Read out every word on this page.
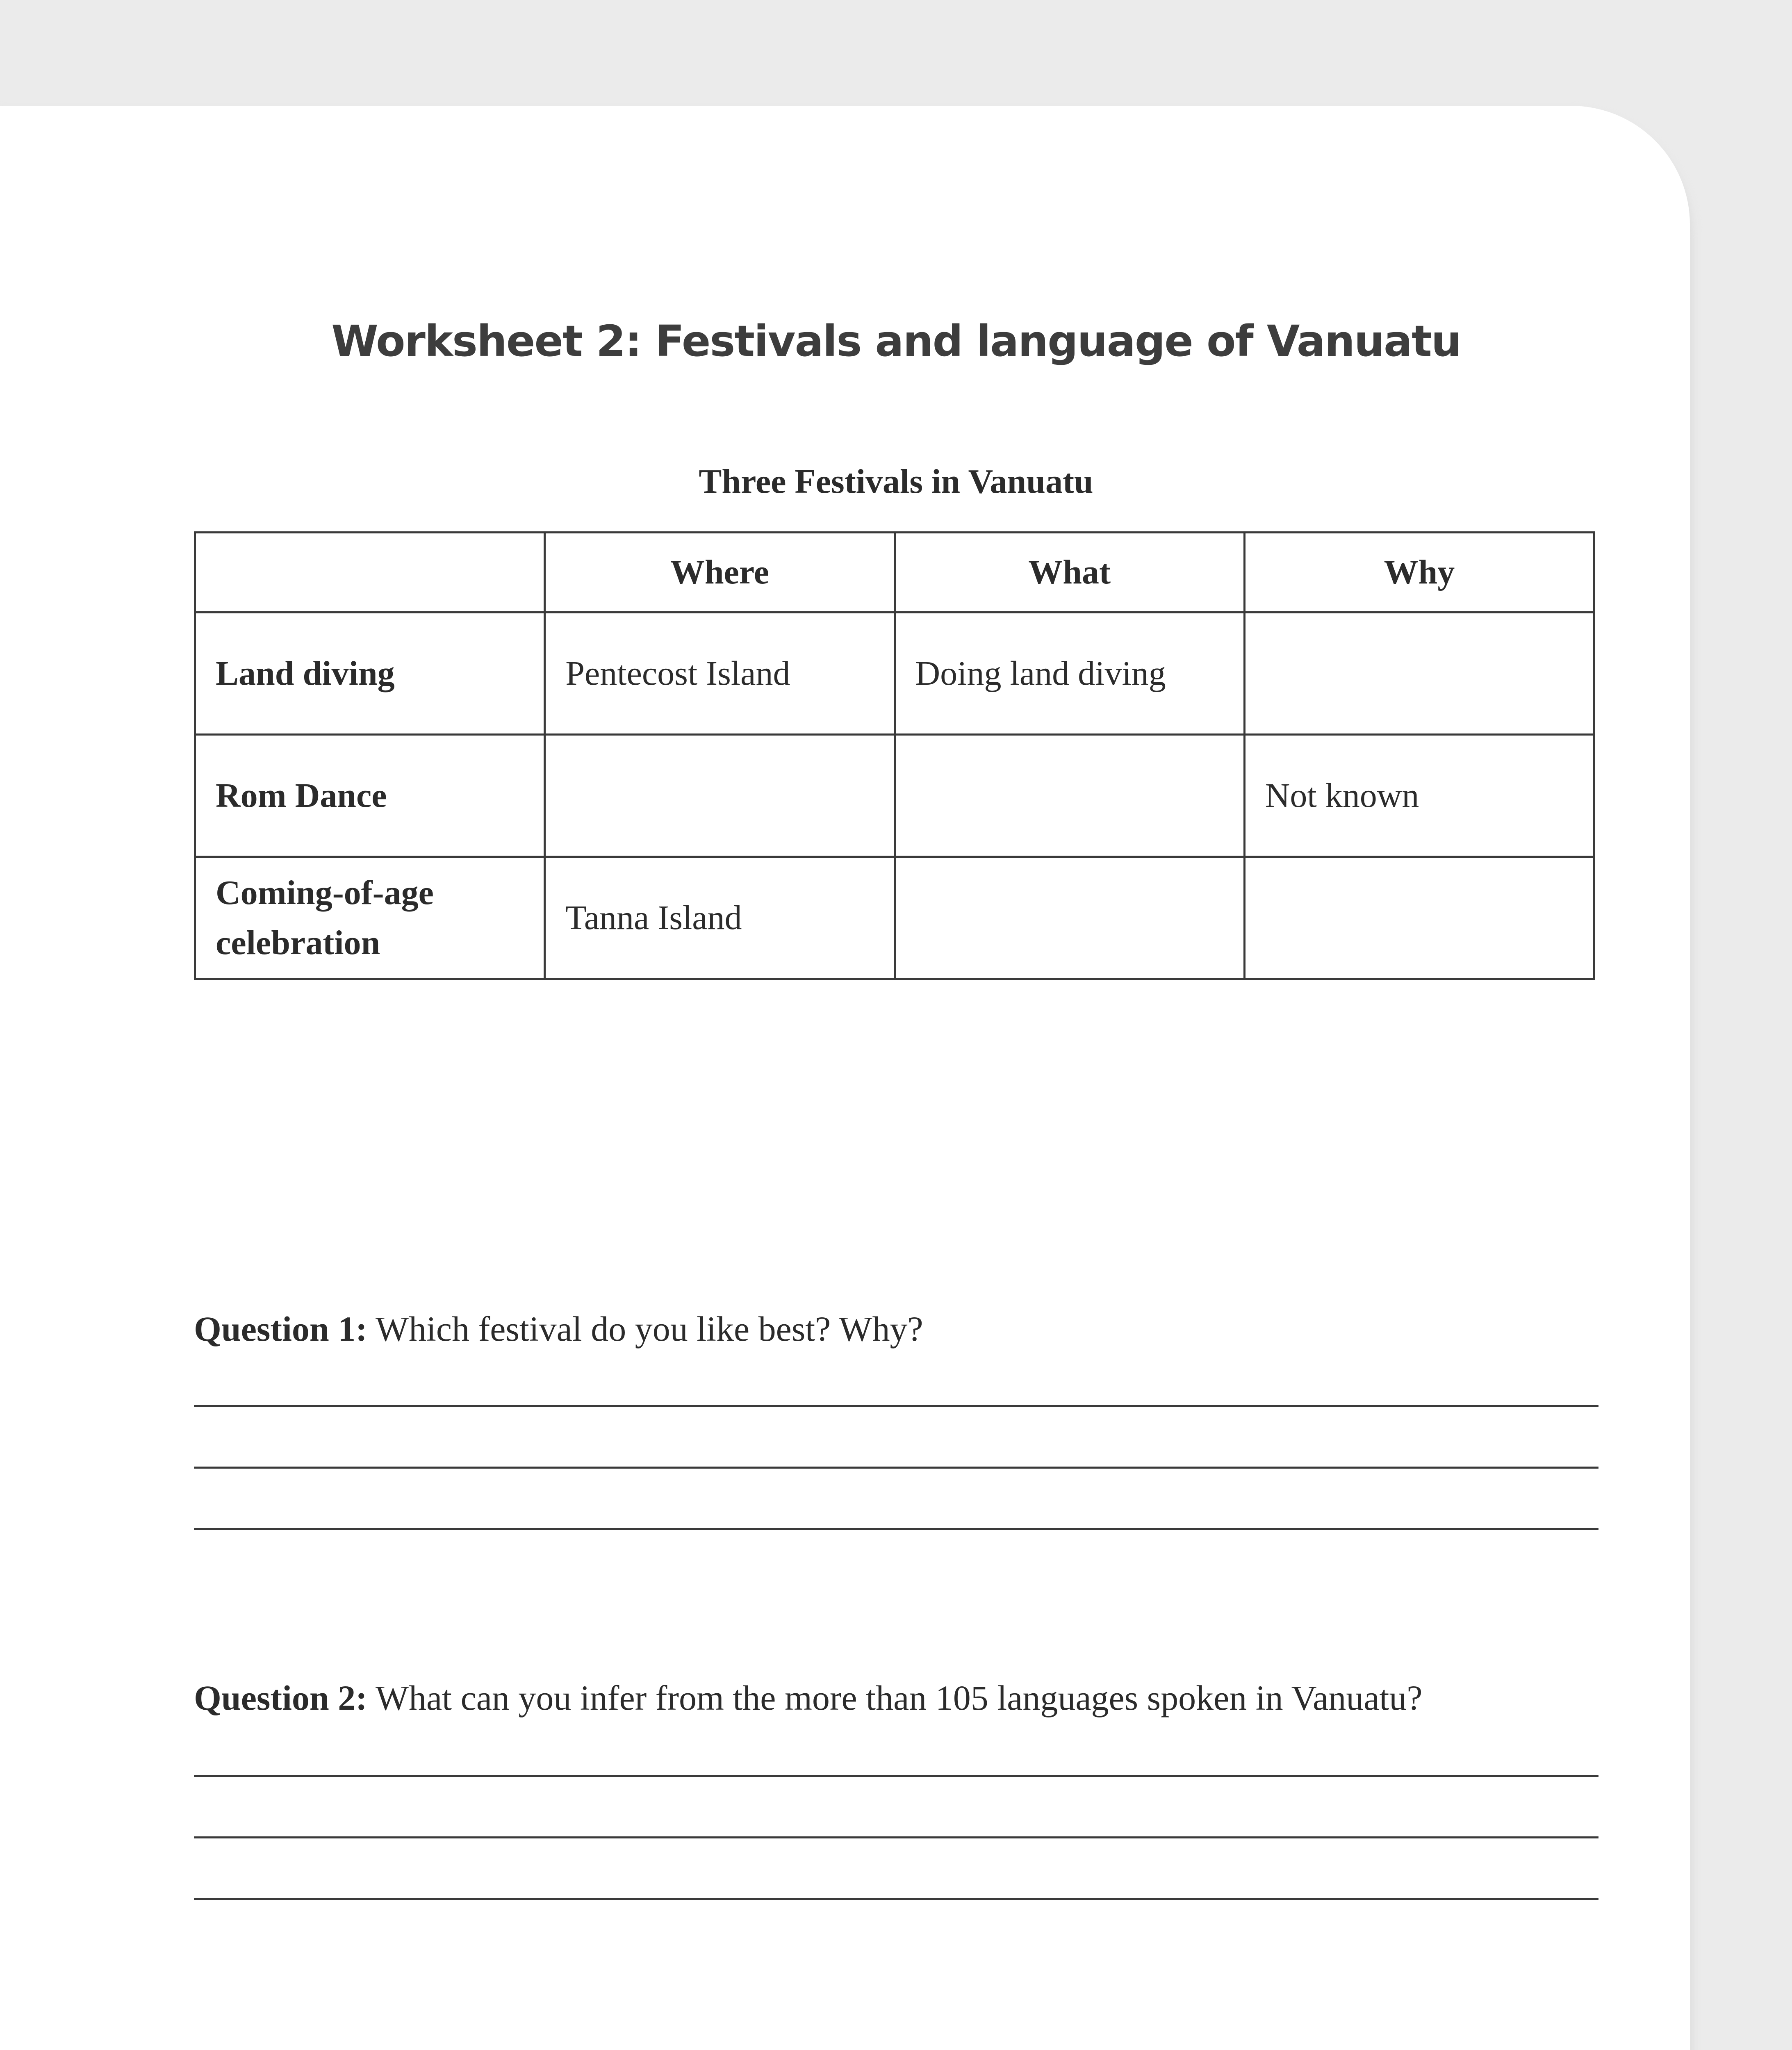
Worksheet 2: Festivals and language of Vanuatu
Three Festivals in Vanuatu
	Where	What	Why
Land diving	Pentecost Island	Doing land diving	
Rom Dance			Not known
Coming-of-age celebration	Tanna Island		
Question 1: Which festival do you like best? Why?
Question 2: What can you infer from the more than 105 languages spoken in Vanuatu?
